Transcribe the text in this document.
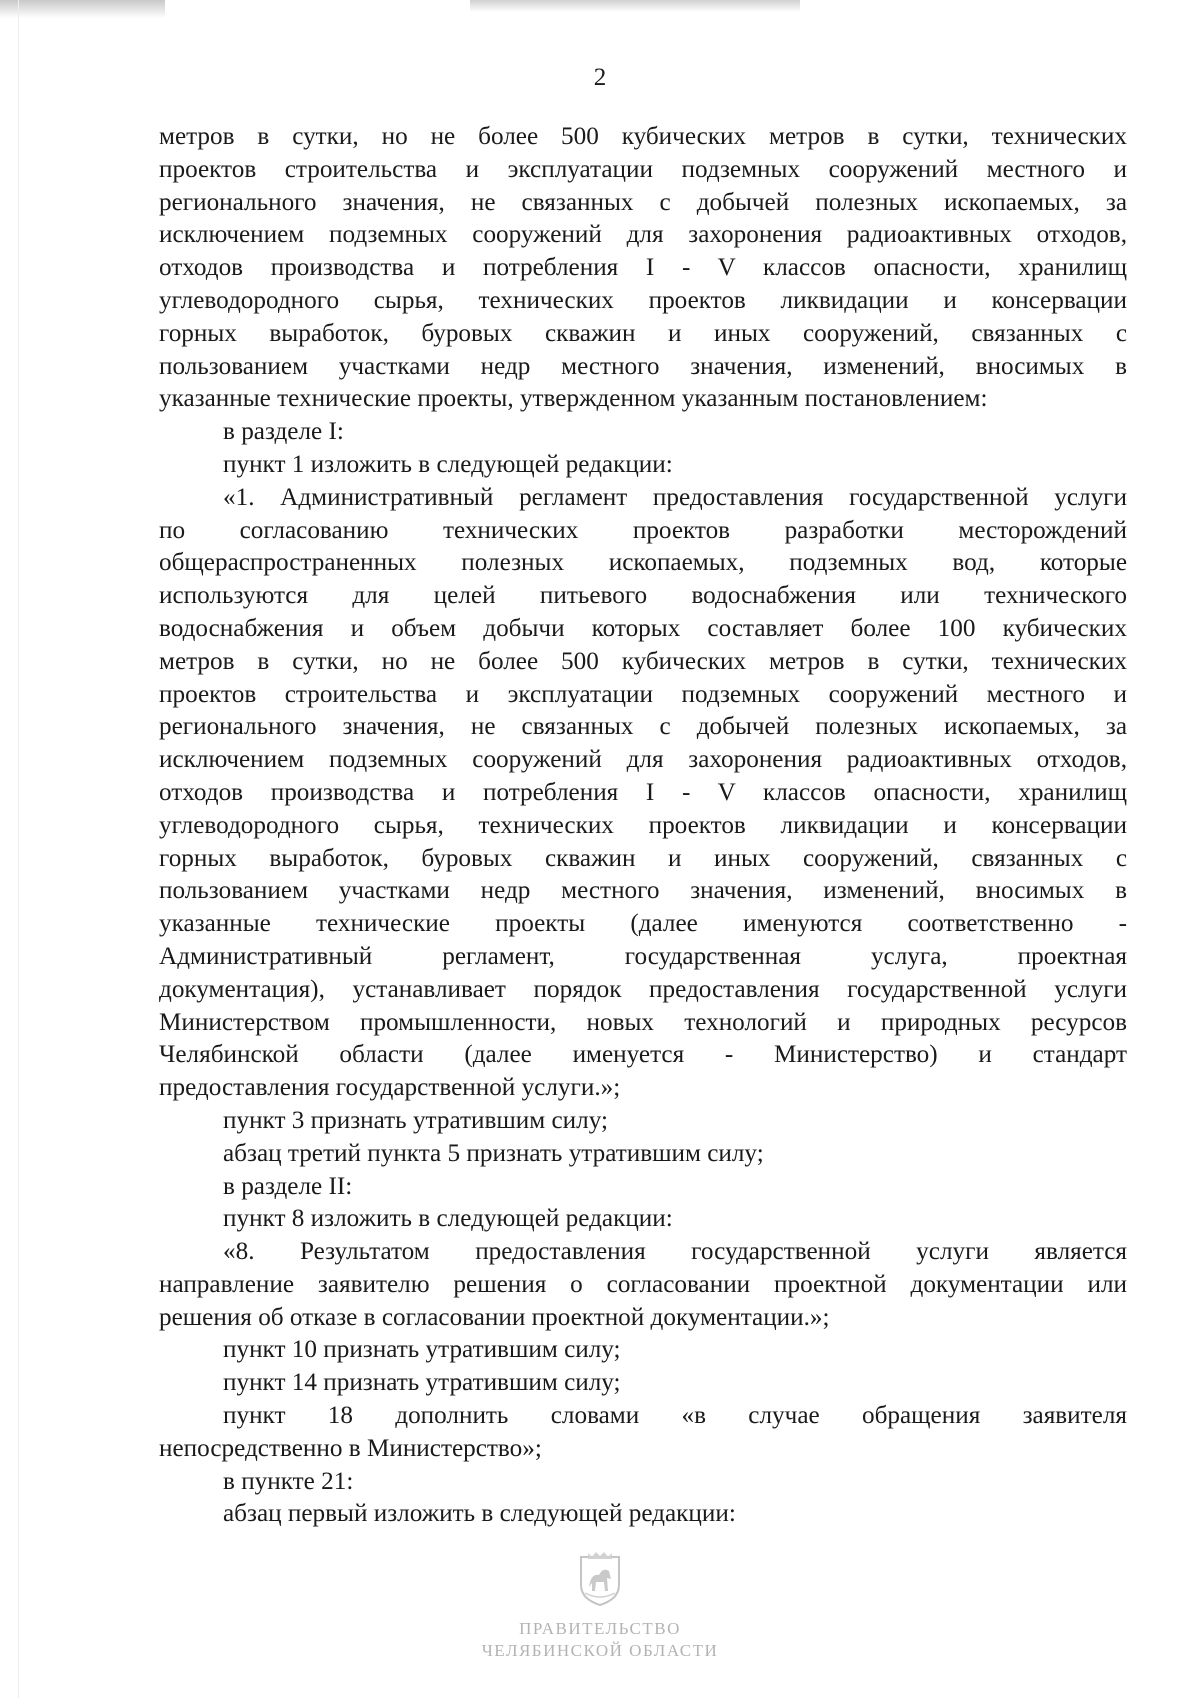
2
метров в сутки, но не более 500 кубических метров в сутки, технических
проектов строительства и эксплуатации подземных сооружений местного и
регионального значения, не связанных с добычей полезных ископаемых, за
исключением подземных сооружений для захоронения радиоактивных отходов,
отходов производства и потребления I - V классов опасности, хранилищ
углеводородного сырья, технических проектов ликвидации и консервации
горных выработок, буровых скважин и иных сооружений, связанных с
пользованием участками недр местного значения, изменений, вносимых в
указанные технические проекты, утвержденном указанным постановлением:
в разделе I:
пункт 1 изложить в следующей редакции:
«1. Административный регламент предоставления государственной услуги
по согласованию технических проектов разработки месторождений
общераспространенных полезных ископаемых, подземных вод, которые
используются для целей питьевого водоснабжения или технического
водоснабжения и объем добычи которых составляет более 100 кубических
метров в сутки, но не более 500 кубических метров в сутки, технических
проектов строительства и эксплуатации подземных сооружений местного и
регионального значения, не связанных с добычей полезных ископаемых, за
исключением подземных сооружений для захоронения радиоактивных отходов,
отходов производства и потребления I - V классов опасности, хранилищ
углеводородного сырья, технических проектов ликвидации и консервации
горных выработок, буровых скважин и иных сооружений, связанных с
пользованием участками недр местного значения, изменений, вносимых в
указанные технические проекты (далее именуются соответственно -
Административный регламент, государственная услуга, проектная
документация), устанавливает порядок предоставления государственной услуги
Министерством промышленности, новых технологий и природных ресурсов
Челябинской области (далее именуется - Министерство) и стандарт
предоставления государственной услуги.»;
пункт 3 признать утратившим силу;
абзац третий пункта 5 признать утратившим силу;
в разделе II:
пункт 8 изложить в следующей редакции:
«8. Результатом предоставления государственной услуги является
направление заявителю решения о согласовании проектной документации или
решения об отказе в согласовании проектной документации.»;
пункт 10 признать утратившим силу;
пункт 14 признать утратившим силу;
пункт 18 дополнить словами «в случае обращения заявителя
непосредственно в Министерство»;
в пункте 21:
абзац первый изложить в следующей редакции:
ПРАВИТЕЛЬСТВО
ЧЕЛЯБИНСКОЙ ОБЛАСТИ
